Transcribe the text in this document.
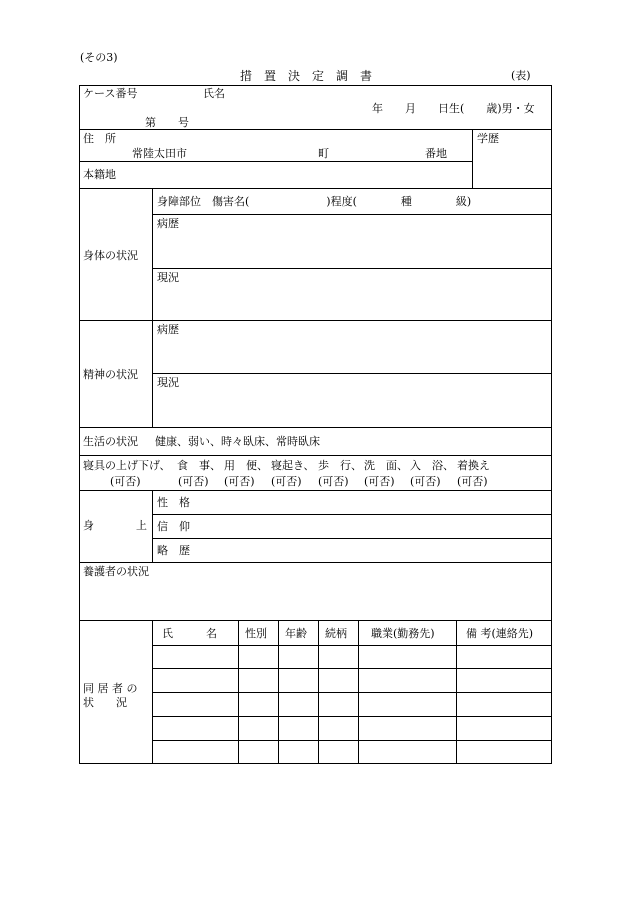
(その3)
措　置　決　定　調　書	(表)
ケース番号	氏名
年　　月　　日生(　　歳)男・女
第　　号
住　所
常陸太田市	町	番地
学歴
本籍地
身体の状況
身障部位　傷害名(　　　　　　　)程度(　　　　種　　　　級)
病歴
現況
精神の状況
病歴
現況
生活の状況 健康、弱い、時々臥床、常時臥床
寝具の上げ下げ、 食　事、 用　便、 寝起き、 歩　行、 洗　面、 入　浴、 着換え
(可否)	(可否) (可否) (可否) (可否) (可否) (可否) (可否)
身	上
性　格
信　仰
略　歴
養護者の状況
同 居 者 の
状　　況
氏　　　名	性別 年齢 続柄 職業(勤務先)	備 考(連絡先)
